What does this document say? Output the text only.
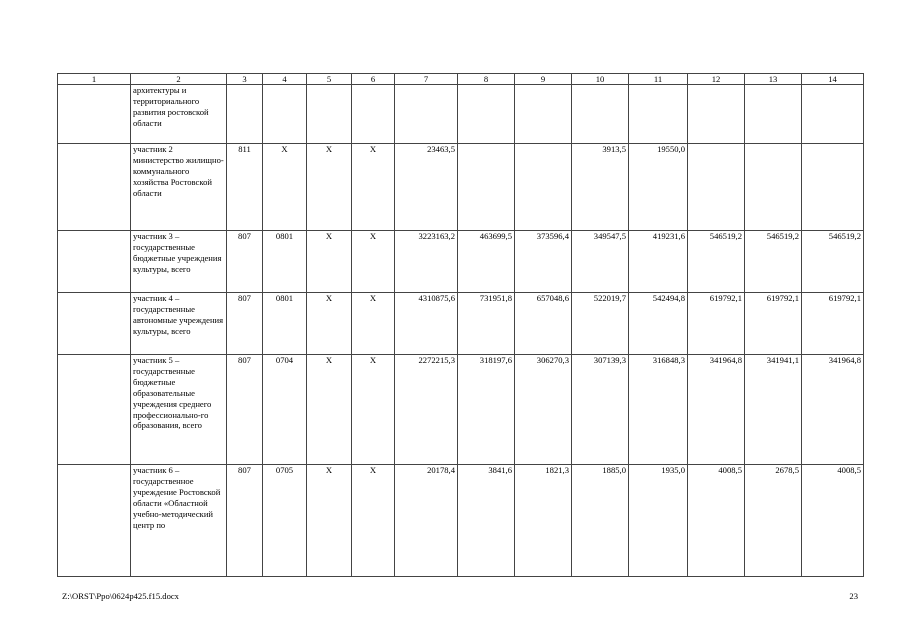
1	2	3	4	5	6	7	8	9	10	11	12	13	14
	архитектуры и территориального развития ростовской области												
	участник 2 министерство жилищно-коммунального хозяйства Ростовской области	811	Х	Х	Х	23463,5			3913,5	19550,0			
	участник 3 – государственные бюджетные учреждения культуры, всего	807	0801	Х	Х	3223163,2	463699,5	373596,4	349547,5	419231,6	546519,2	546519,2	546519,2
	участник 4 – государственные автономные учреждения культуры, всего	807	0801	Х	Х	4310875,6	731951,8	657048,6	522019,7	542494,8	619792,1	619792,1	619792,1
	участник 5 – государственные бюджетные образовательные учреждения среднего профессионально-го образования, всего	807	0704	Х	Х	2272215,3	318197,6	306270,3	307139,3	316848,3	341964,8	341941,1	341964,8
	участник 6 – государственное учреждение Ростовской области «Областной учебно-методический центр по	807	0705	Х	Х	20178,4	3841,6	1821,3	1885,0	1935,0	4008,5	2678,5	4008,5
Z:\ORST\Ppo\0624p425.f15.docx	23
